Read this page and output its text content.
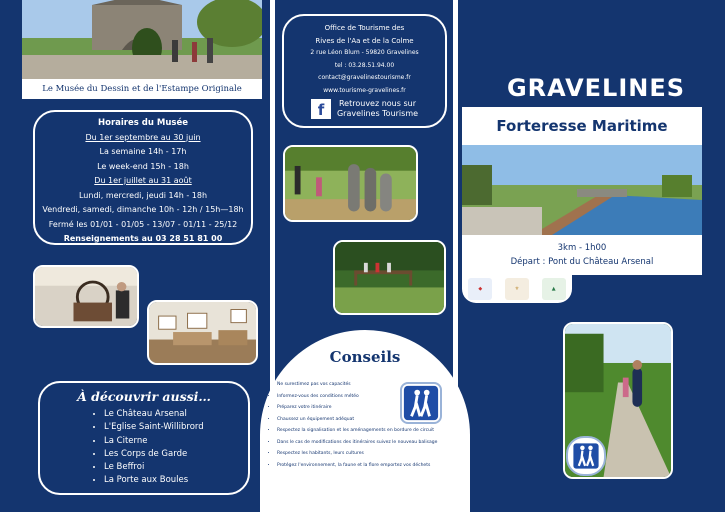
Le Musée du Dessin et de l'Estampe Originale
Horaires du Musée
Du 1er septembre au 30 juin
La semaine 14h - 17h
Le week-end 15h - 18h
Du 1er juillet au 31 août
Lundi, mercredi, jeudi 14h - 18h
Vendredi, samedi, dimanche 10h - 12h / 15h—18h
Fermé les 01/01 - 01/05 - 13/07 - 01/11 - 25/12
Renseignements au 03 28 51 81 00
À découvrir aussi…
• Le Château Arsenal
• L'Eglise Saint-Willibrord
• La Citerne
• Les Corps de Garde
• Le Beffroi
• La Porte aux Boules
Office de Tourisme des
Rives de l'Aa et de la Colme
2 rue Léon Blum - 59820 Gravelines
tel : 03.28.51.94.00
contact@gravelinestourisme.fr
www.tourisme-gravelines.fr
f	Retrouvez nous sur
Gravelines Tourisme
Conseils
• Ne surestimez pas vos capacités
• Informez-vous des conditions météo
• Préparez votre itinéraire
• Chaussez un équipement adéquat
• Respectez la signalisation et les aménagements en bordure de circuit
• Dans le cas de modifications des itinéraires suivez le nouveau balisage
• Respectez les habitants, leurs cultures
• Protégez l'environnement, la faune et la flore emportez vos déchets
GRAVELINES
Forteresse Maritime
3km - 1h00
Départ : Pont du Château Arsenal
◆	⚜	▲
